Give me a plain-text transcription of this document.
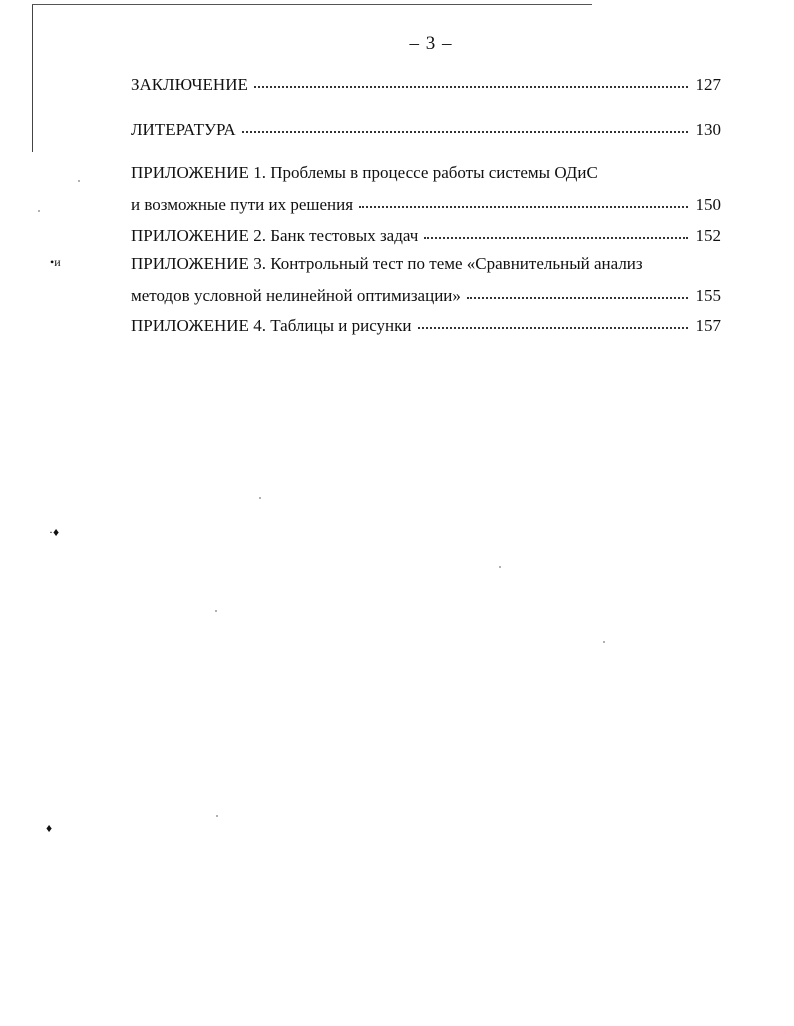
– 3 –
ЗАКЛЮЧЕНИЕ	127
ЛИТЕРАТУРА	130
ПРИЛОЖЕНИЕ 1. Проблемы в процессе работы системы ОДиС
и возможные пути их решения	150
ПРИЛОЖЕНИЕ 2. Банк тестовых задач	152
ПРИЛОЖЕНИЕ 3. Контрольный тест по теме «Сравнительный анализ
методов условной нелинейной оптимизации»	155
ПРИЛОЖЕНИЕ 4. Таблицы и рисунки	157
•ᴎ
·♦
♦
